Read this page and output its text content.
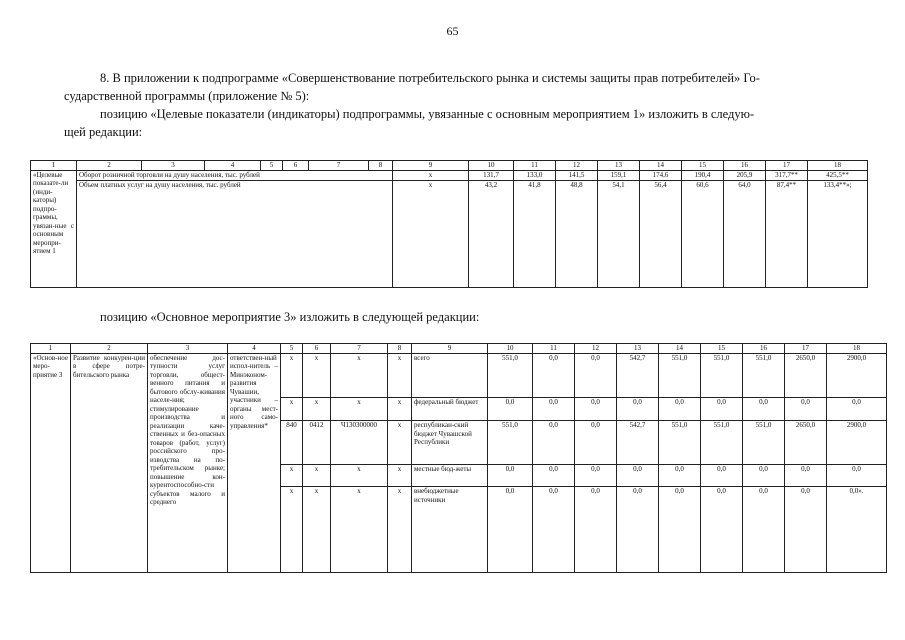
65
8. В приложении к подпрограмме «Совершенствование потребительского рынка и системы защиты прав потребителей» Го-
сударственной программы (приложение № 5):
позицию «Целевые показатели (индикаторы) подпрограммы, увязанные с основным мероприятием 1» изложить в следую-
щей редакции:
1	2	3	4	5	6	7	8	9	10	11	12	13	14	15	16	17	18
«Целевые показате-ли (инди-каторы) подпро-граммы, увязан-ные с основным меропри-ятием 1	Оборот розничной торговли на душу населения, тыс. рублей							x	131,7	133,0	141,5	159,1	174,6	190,4	205,9	317,7**	425,5**
	Объем платных услуг на душу населения, тыс. рублей							x	43,2	41,8	48,8	54,1	56,4	60,6	64,0	87,4**	133,4**»;
позицию «Основное мероприятие 3» изложить в следующей редакции:
1	2	3	4	5	6	7	8	9	10	11	12	13	14	15	16	17	18
«Основ-ное меро-приятие 3	Развитие конкурен-ции в сфере потре-бительского рынка	обеспечение дос-тупности услуг торговли, общест-венного питания и бытового обслу-живания населе-ния; стимулирование производства и реализации каче-ственных и без-опасных товаров (работ, услуг) российского про-изводства на по-требительском рынке; повышение кон-курентоспособно-сти субъектов малого и среднего	ответствен-ный испол-нитель – Минэконом-развития Чувашии, участники – органы мест-ного само-управления*	x	x	x	x	всего	551,0	0,0	0,0	542,7	551,0	551,0	551,0	2650,0	2900,0
				x	x	x	x	федеральный бюджет	0,0	0,0	0,0	0,0	0,0	0,0	0,0	0,0	0,0
				840	0412	Ч130300000	x	республикан-ский бюджет Чувашской Республики	551,0	0,0	0,0	542,7	551,0	551,0	551,0	2650,0	2900,0
				x	x	x	x	местные бюд-жеты	0,0	0,0	0,0	0,0	0,0	0,0	0,0	0,0	0,0
				x	x	x	x	внебюджетные источники	0,0	0,0	0,0	0,0	0,0	0,0	0,0	0,0	0,0».
